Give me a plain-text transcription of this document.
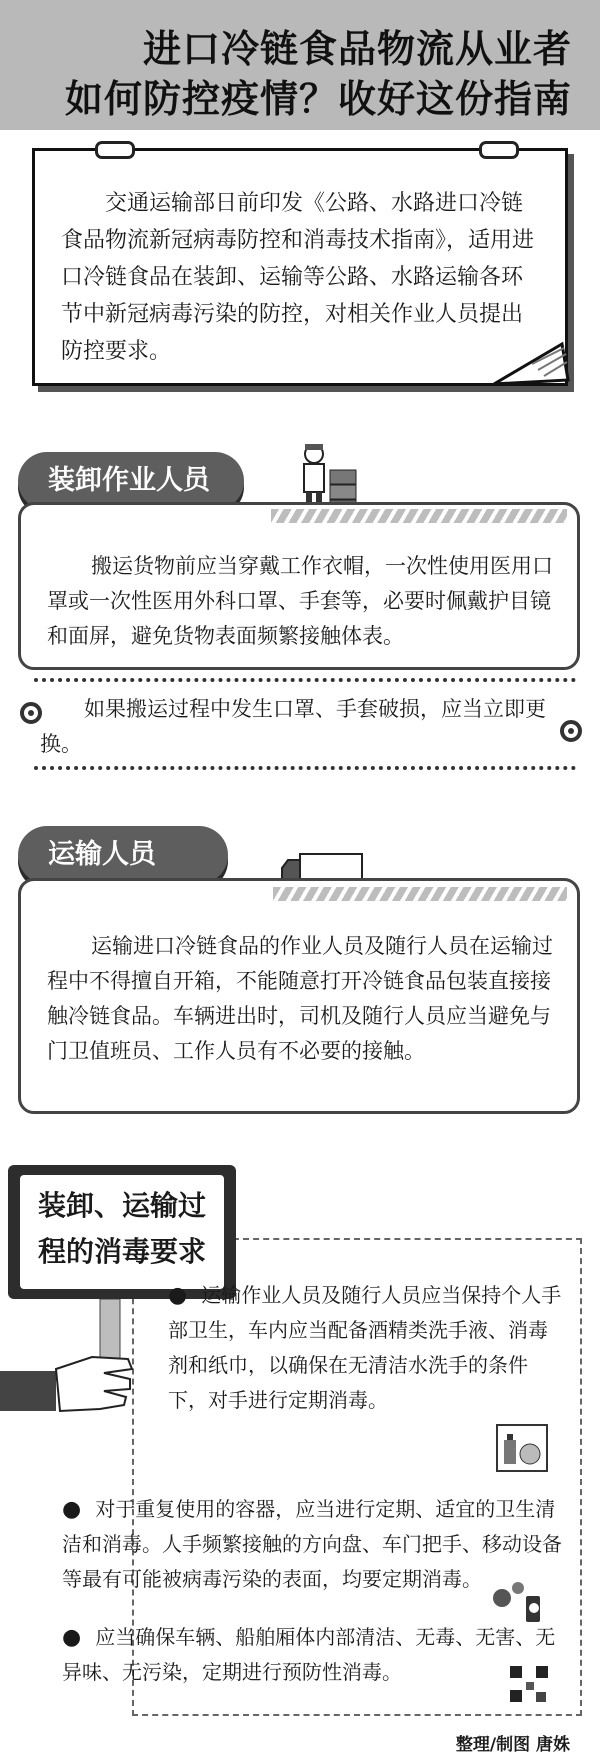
进口冷链食品物流从业者
如何防控疫情？收好这份指南
交通运输部日前印发《公路、水路进口冷链食品物流新冠病毒防控和消毒技术指南》，适用进口冷链食品在装卸、运输等公路、水路运输各环节中新冠病毒污染的防控，对相关作业人员提出防控要求。
装卸作业人员
搬运货物前应当穿戴工作衣帽，一次性使用医用口罩或一次性医用外科口罩、手套等，必要时佩戴护目镜和面屏，避免货物表面频繁接触体表。
如果搬运过程中发生口罩、手套破损，应当立即更换。
运输人员
运输进口冷链食品的作业人员及随行人员在运输过程中不得擅自开箱，不能随意打开冷链食品包装直接接触冷链食品。车辆进出时，司机及随行人员应当避免与门卫值班员、工作人员有不必要的接触。
装卸、运输过
程的消毒要求
● 运输作业人员及随行人员应当保持个人手部卫生，车内应当配备酒精类洗手液、消毒剂和纸巾，以确保在无清洁水洗手的条件下，对手进行定期消毒。
● 对于重复使用的容器，应当进行定期、适宜的卫生清洁和消毒。人手频繁接触的方向盘、车门把手、移动设备等最有可能被病毒污染的表面，均要定期消毒。
● 应当确保车辆、船舶厢体内部清洁、无毒、无害、无异味、无污染，定期进行预防性消毒。
整理/制图 唐姝
